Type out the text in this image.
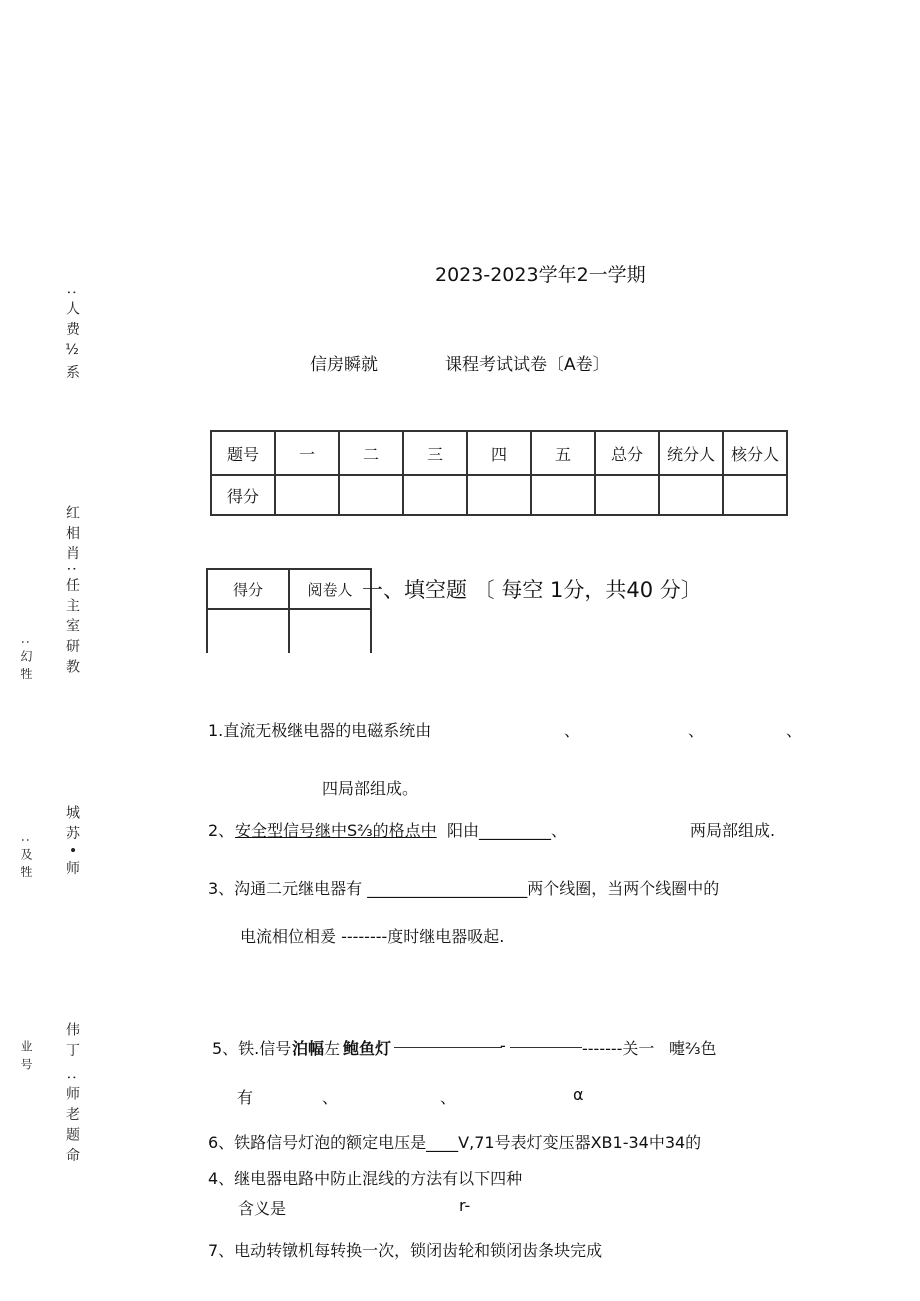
: 人 费 ½ 系
红 相 肖 : 任 主 室 研 教
: 幻 牲
城 苏 • 师
: 及 牲
伟 丁
业 号
: 师 老 题 命
2023-2023学年2一学期
信房瞬就	课程考试试卷〔A卷〕
题号	一	二	三	四	五	总分	统分人	核分人
得分								
得分	阅卷人
	一、填空题 〔 每空 1分，共40 分〕
1.直流无极继电器的电磁系统由	、	、	、
四局部组成。
2、 安全型信号继中S⅔的格点中 阳由_________、	两局部组成.
3、沟通二元继电器有 ____________________两个线圈，当两个线圈中的
电流相位相爰 --------度时继电器吸起.
5、铁.信号 泊幅 左 鲍鱼灯	-	-------关一 嚏⅔色
有	、	、	α
6、铁路信号灯泡的额定电压是____V,71号表灯变压器XB1-34中34的
4、继电器电路中防止混线的方法有以下四种
含义是	r-
7、电动转镦机每转换一次，锁闭齿轮和锁闭齿条块完成
